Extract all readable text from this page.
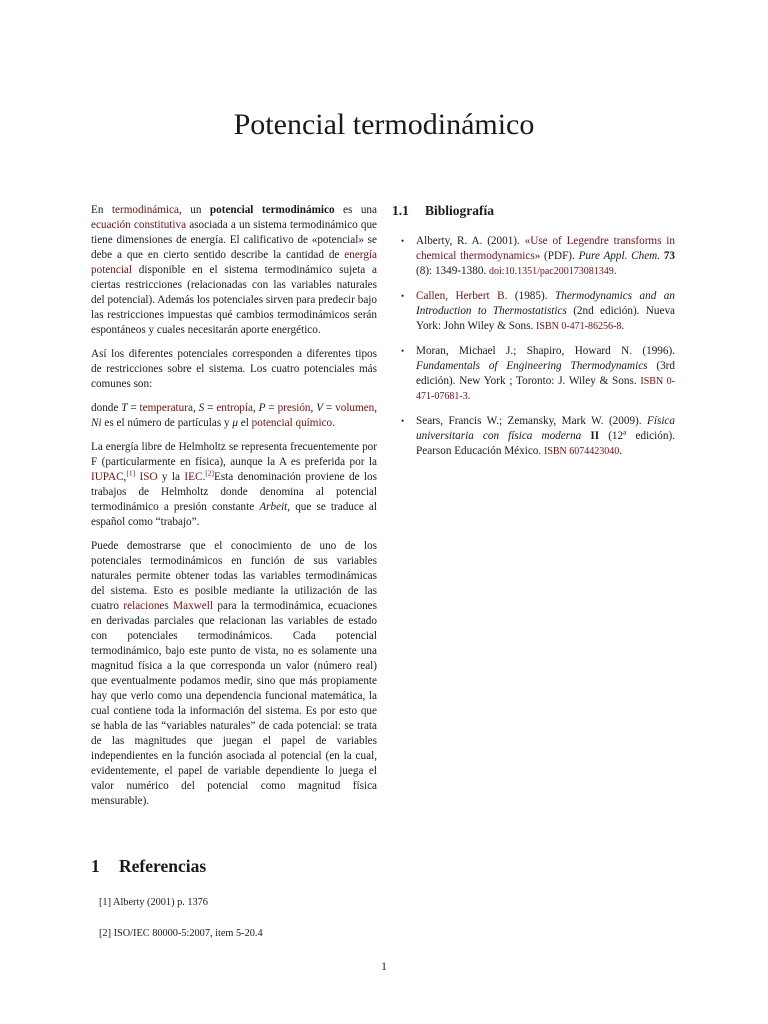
Potencial termodinámico

En termodinámica, un potencial termodinámico es una ecuación constitutiva asociada a un sistema termodinámico que tiene dimensiones de energía. El calificativo de «potencial» se debe a que en cierto sentido describe la cantidad de energía potencial disponible en el sistema termodinámico sujeta a ciertas restricciones (relacionadas con las variables naturales del potencial). Además los potenciales sirven para predecir bajo las restricciones impuestas qué cambios termodinámicos serán espontáneos y cuales necesitarán aporte energético.

Así los diferentes potenciales corresponden a diferentes tipos de restricciones sobre el sistema. Los cuatro potenciales más comunes son:

donde T = temperatura, S = entropía, P = presión, V = volumen, Ni es el número de partículas y μ el potencial químico.

La energía libre de Helmholtz se representa frecuentemente por F (particularmente en física), aunque la A es preferida por la IUPAC,[1] ISO y la IEC.[2]Esta denominación proviene de los trabajos de Helmholtz donde denomina al potencial termodinámico a presión constante Arbeit, que se traduce al español como “trabajo”.

Puede demostrarse que el conocimiento de uno de los potenciales termodinámicos en función de sus variables naturales permite obtener todas las variables termodinámicas del sistema. Esto es posible mediante la utilización de las cuatro relaciones Maxwell para la termodinámica, ecuaciones en derivadas parciales que relacionan las variables de estado con potenciales termodinámicos. Cada potencial termodinámico, bajo este punto de vista, no es solamente una magnitud física a la que corresponda un valor (número real) que eventualmente podamos medir, sino que más propiamente hay que verlo como una dependencia funcional matemática, la cual contiene toda la información del sistema. Es por esto que se habla de las “variables naturales” de cada potencial: se trata de las magnitudes que juegan el papel de variables independientes en la función asociada al potencial (en la cual, evidentemente, el papel de variable dependiente lo juega el valor numérico del potencial como magnitud física mensurable).

1 Referencias
[1] Alberty (2001) p. 1376
[2] ISO/IEC 80000-5:2007, item 5-20.4
1.1 Bibliografía
• Alberty, R. A. (2001). «Use of Legendre transforms in chemical thermodynamics» (PDF). Pure Appl. Chem. 73 (8): 1349-1380. doi:10.1351/pac200173081349.
• Callen, Herbert B. (1985). Thermodynamics and an Introduction to Thermostatistics (2nd edición). Nueva York: John Wiley & Sons. ISBN 0-471-86256-8.
• Moran, Michael J.; Shapiro, Howard N. (1996). Fundamentals of Engineering Thermodynamics (3rd edición). New York ; Toronto: J. Wiley & Sons. ISBN 0-471-07681-3.
• Sears, Francis W.; Zemansky, Mark W. (2009). Física universitaria con física moderna II (12$^a$ edición). Pearson Educación México. ISBN 6074423040.

1
